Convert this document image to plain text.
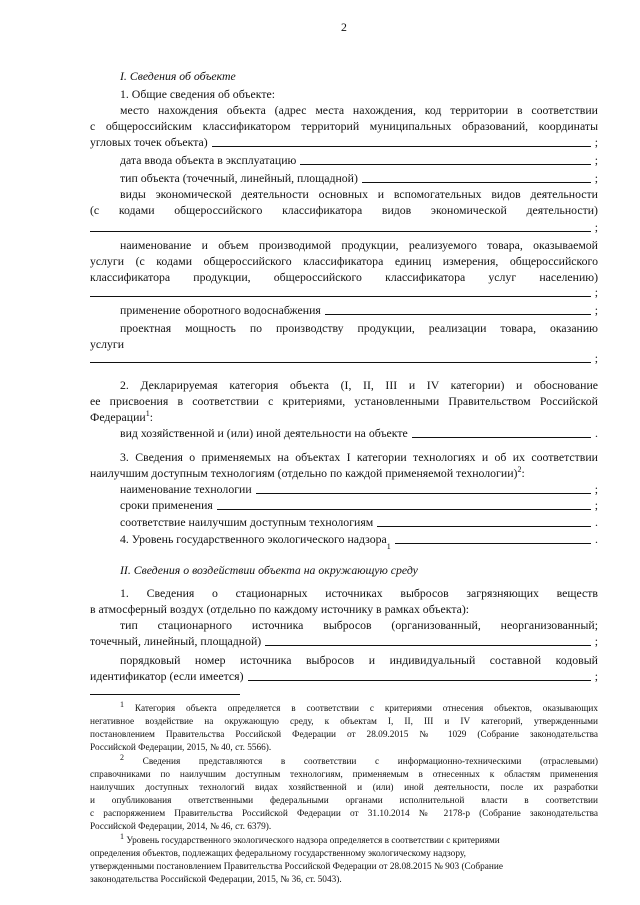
2
I. Сведения об объекте
1. Общие сведения об объекте:
место нахождения объекта (адрес места нахождения, код территории в соответствии
с общероссийским классификатором территорий муниципальных образований, координаты
угловых точек объекта)	;
дата ввода объекта в эксплуатацию	;
тип объекта (точечный, линейный, площадной)	;
виды экономической деятельности основных и вспомогательных видов деятельности
(с кодами общероссийского классификатора видов экономической деятельности)
;
наименование и объем производимой продукции, реализуемого товара, оказываемой
услуги (с кодами общероссийского классификатора единиц измерения, общероссийского
классификатора продукции, общероссийского классификатора услуг населению)
;
применение оборотного водоснабжения	;
проектная мощность по производству продукции, реализации товара, оказанию
услуги
;
2. Декларируемая категория объекта (I, II, III и IV категории) и обоснование
ее присвоения в соответствии с критериями, установленными Правительством Российской
Федерации$^1$:
вид хозяйственной и (или) иной деятельности на объекте	.
3. Сведения о применяемых на объектах I категории технологиях и об их соответствии
наилучшим доступным технологиям (отдельно по каждой применяемой технологии)$^2$:
наименование технологии	;
сроки применения	;
соответствие наилучшим доступным технологиям	.
4. Уровень государственного экологического надзора
1
.
II. Сведения о воздействии объекта на окружающую среду
1. Сведения о стационарных источниках выбросов загрязняющих веществ
в атмосферный воздух (отдельно по каждому источнику в рамках объекта):
тип стационарного источника выбросов (организованный, неорганизованный;
точечный, линейный, площадной)	;
порядковый номер источника выбросов и индивидуальный составной кодовый
идентификатор (если имеется)	;
1 Категория объекта определяется в соответствии с критериями отнесения объектов, оказывающих
негативное воздействие на окружающую среду, к объектам I, II, III и IV категорий, утвержденными
постановлением Правительства Российской Федерации от 28.09.2015 № 1029 (Собрание законодательства
Российской Федерации, 2015, № 40, ст. 5566).
2 Сведения представляются в соответствии с информационно-техническими (отраслевыми)
справочниками по наилучшим доступным технологиям, применяемым в отнесенных к областям применения
наилучших доступных технологий видах хозяйственной и (или) иной деятельности, после их разработки
и опубликования ответственными федеральными органами исполнительной власти в соответствии
с распоряжением Правительства Российской Федерации от 31.10.2014 № 2178-р (Собрание законодательства
Российской Федерации, 2014, № 46, ст. 6379).
1 Уровень государственного экологического надзора определяется в соответствии с критериями
определения объектов, подлежащих федеральному государственному экологическому надзору,
утвержденными постановлением Правительства Российской Федерации от 28.08.2015 № 903 (Собрание
законодательства Российской Федерации, 2015, № 36, ст. 5043).
